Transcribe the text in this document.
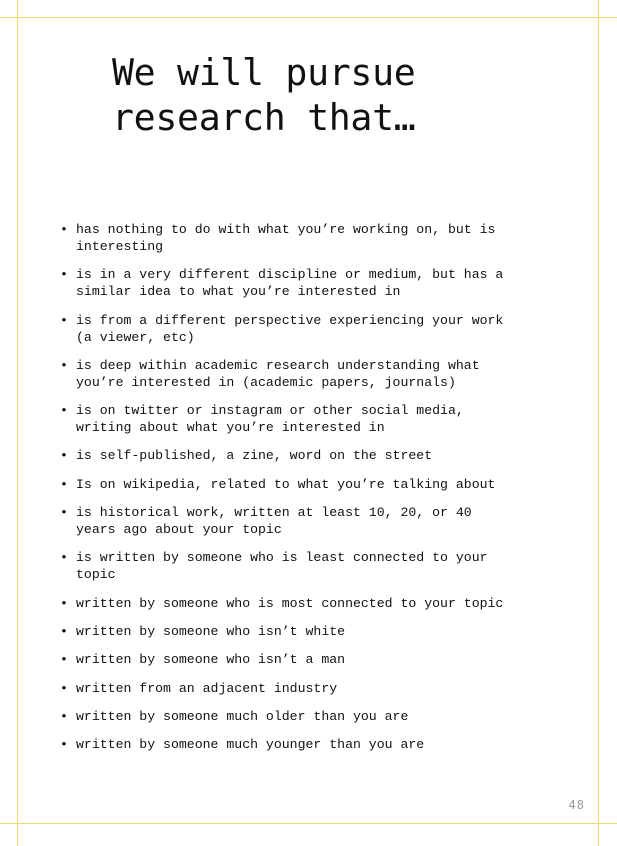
We will pursue
research that…
• has nothing to do with what you’re working on, but is
interesting
• is in a very different discipline or medium, but has a
similar idea to what you’re interested in
• is from a different perspective experiencing your work
(a viewer, etc)
• is deep within academic research understanding what
you’re interested in (academic papers, journals)
• is on twitter or instagram or other social media,
writing about what you’re interested in
• is self-published, a zine, word on the street
• Is on wikipedia, related to what you’re talking about
• is historical work, written at least 10, 20, or 40
years ago about your topic
• is written by someone who is least connected to your
topic
• written by someone who is most connected to your topic
• written by someone who isn’t white
• written by someone who isn’t a man
• written from an adjacent industry
• written by someone much older than you are
• written by someone much younger than you are
48
